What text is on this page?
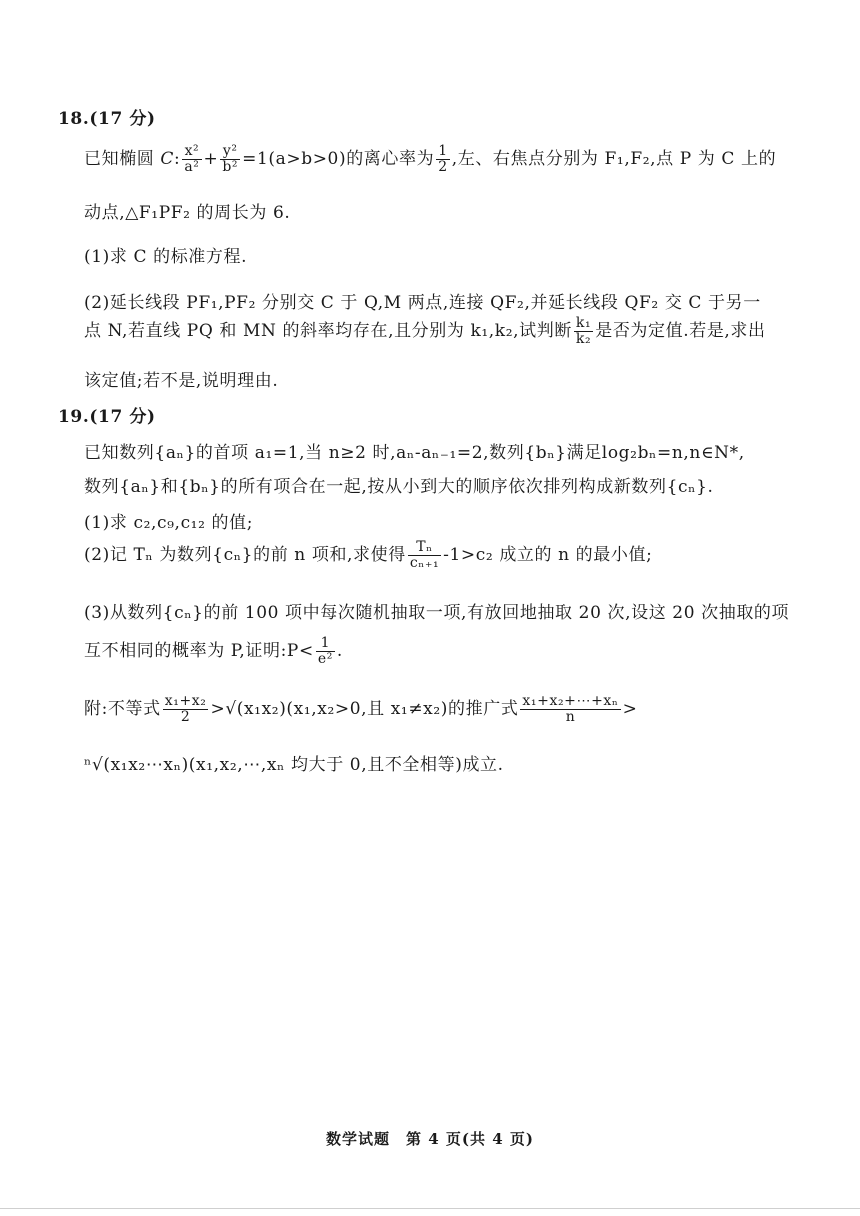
18.(17 分)
已知椭圆 C: $\frac{\text{x²}}{\text{a²}} + \frac{\text{y²}}{\text{b²}} =1(a>b>0)$的离心率为 $\frac{1}{2}$ ,左、右焦点分别为 F₁,F₂,点 P 为 C 上的
动点,△F₁PF₂ 的周长为 6.
(1)求 C 的标准方程.
(2)延长线段 PF₁,PF₂ 分别交 C 于 Q,M 两点,连接 QF₂,并延长线段 QF₂ 交 C 于另一
点 N,若直线 PQ 和 MN 的斜率均存在,且分别为 k₁,k₂,试判断 $\frac{\text{k₁}}{\text{k₂}}$ 是否为定值.若是,求出
该定值;若不是,说明理由.
19.(17 分)
已知数列{aₙ}的首项 a₁=1,当 n≥2 时,aₙ-aₙ₋₁=2,数列{bₙ}满足log₂bₙ=n,n∈N*,
数列{aₙ}和{bₙ}的所有项合在一起,按从小到大的顺序依次排列构成新数列{cₙ}.
(1)求 c₂,c₉,c₁₂ 的值;
(2)记 Tₙ 为数列{cₙ}的前 n 项和,求使得 $\frac{\text{Tₙ}}{\text{cₙ₊₁}} -1>c_2$ 成立的 n 的最小值;
(3)从数列{cₙ}的前 100 项中每次随机抽取一项,有放回地抽取 20 次,设这 20 次抽取的项
互不相同的概率为 P,证明:P< $\frac{1}{\text{e²}}$ .
附:不等式 $\frac{\text{x₁+x₂}}{2} >√(x_1x_2)(x_1,x_2>0$,且 x₁≠x₂)的推广式 $\frac{\text{x₁+x₂+⋯+xₙ}}{n}$ >
ⁿ√(x₁x₂⋯xₙ)(x₁,x₂,⋯,xₙ 均大于 0,且不全相等)成立.
数学试题　第 4 页(共 4 页)
